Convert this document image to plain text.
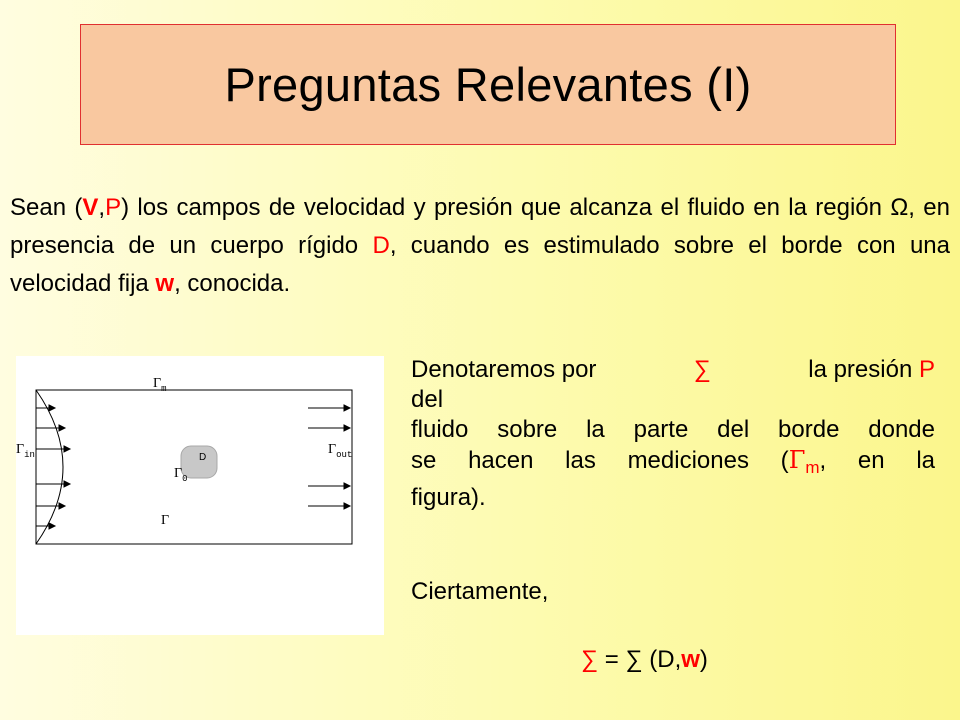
Preguntas Relevantes (I)
Sean (V,P) los campos de velocidad y presión que alcanza el fluido en la región Ω, en presencia de un cuerpo rígido D, cuando es estimulado sobre el borde con una velocidad fija w, conocida.
$\Gamma_m$
$\Gamma_{in}$	$\Gamma_{out}$
$\Gamma_0$
Γ
D
Denotaremos por	∑	la presión P
del
fluido sobre la parte del borde donde
se hacen las mediciones ($\Gamma_m$, en la
figura).
Ciertamente,
∑ = ∑ (D,w)
